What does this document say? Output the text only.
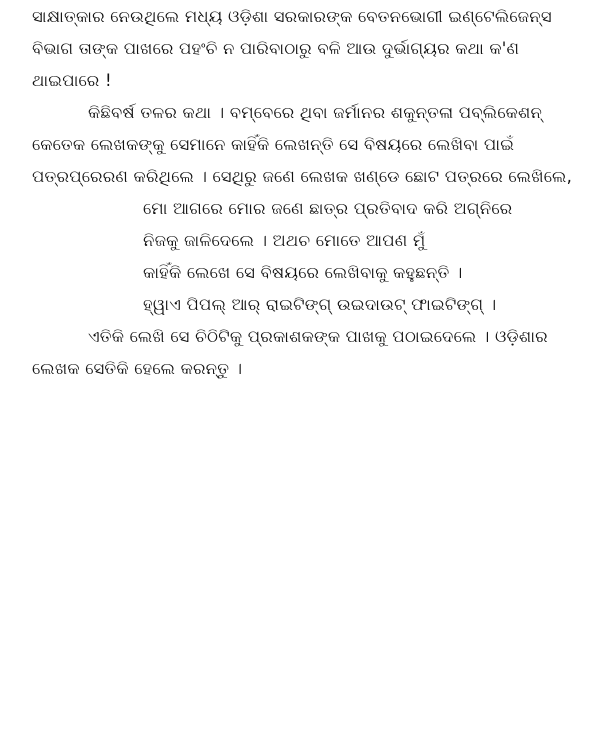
ସାକ୍ଷାତ୍କାର ନେଉଥିଲେ ମଧ୍ୟ ଓଡ଼ିଶା ସରକାରଙ୍କ ବେତନଭୋଗୀ ଇଣ୍ଟେଲିଜେନ୍‌ସ
ବିଭାଗ ତାଙ୍କ ପାଖରେ ପହଂଚି ନ ପାରିବାଠାରୁ ବଳି ଆଉ ଦୁର୍ଭାଗ୍ୟର କଥା କ'ଣ
ଥାଇପାରେ !
କିଛିବର୍ଷ ତଳର କଥା । ବମ୍ବେରେ ଥିବା ଜର୍ମାନର ଶକୁନ୍ତଳା ପବ୍ଲିକେଶନ୍
କେତେକ ଲେଖକଙ୍କୁ ସେମାନେ କାହିଁକି ଲେଖନ୍ତି ସେ ବିଷୟରେ ଲେଖିବା ପାଇଁ
ପତ୍ରପ୍ରେରଣ କରିଥିଲେ । ସେଥିରୁ ଜଣେ ଲେଖକ ଖଣ୍ଡେ ଛୋଟ ପତ୍ରରେ ଲେଖିଲେ,
ମୋ ଆଗରେ ମୋର ଜଣେ ଛାତ୍ର ପ୍ରତିବାଦ କରି ଅଗ୍ନିରେ
ନିଜକୁ ଜାଳିଦେଲେ । ଅଥଚ ମୋତେ ଆପଣ ମୁଁ
କାହିଁକି ଲେଖେ ସେ ବିଷୟରେ ଲେଖିବାକୁ କହୁଛନ୍ତି ।
ହ୍ୱାଏ ପିପଲ୍ ଆର୍ ରାଇଟିଙ୍ଗ୍ ଉଇଦାଉଟ୍ ଫାଇଟିଙ୍ଗ୍ ।
ଏତିକି ଲେଖି ସେ ଚିଠିଟିକୁ ପ୍ରକାଶକଙ୍କ ପାଖକୁ ପଠାଇଦେଲେ । ଓଡ଼ିଶାର
ଲେଖକ ସେତିକି ହେଲେ କରନ୍ତୁ ।
